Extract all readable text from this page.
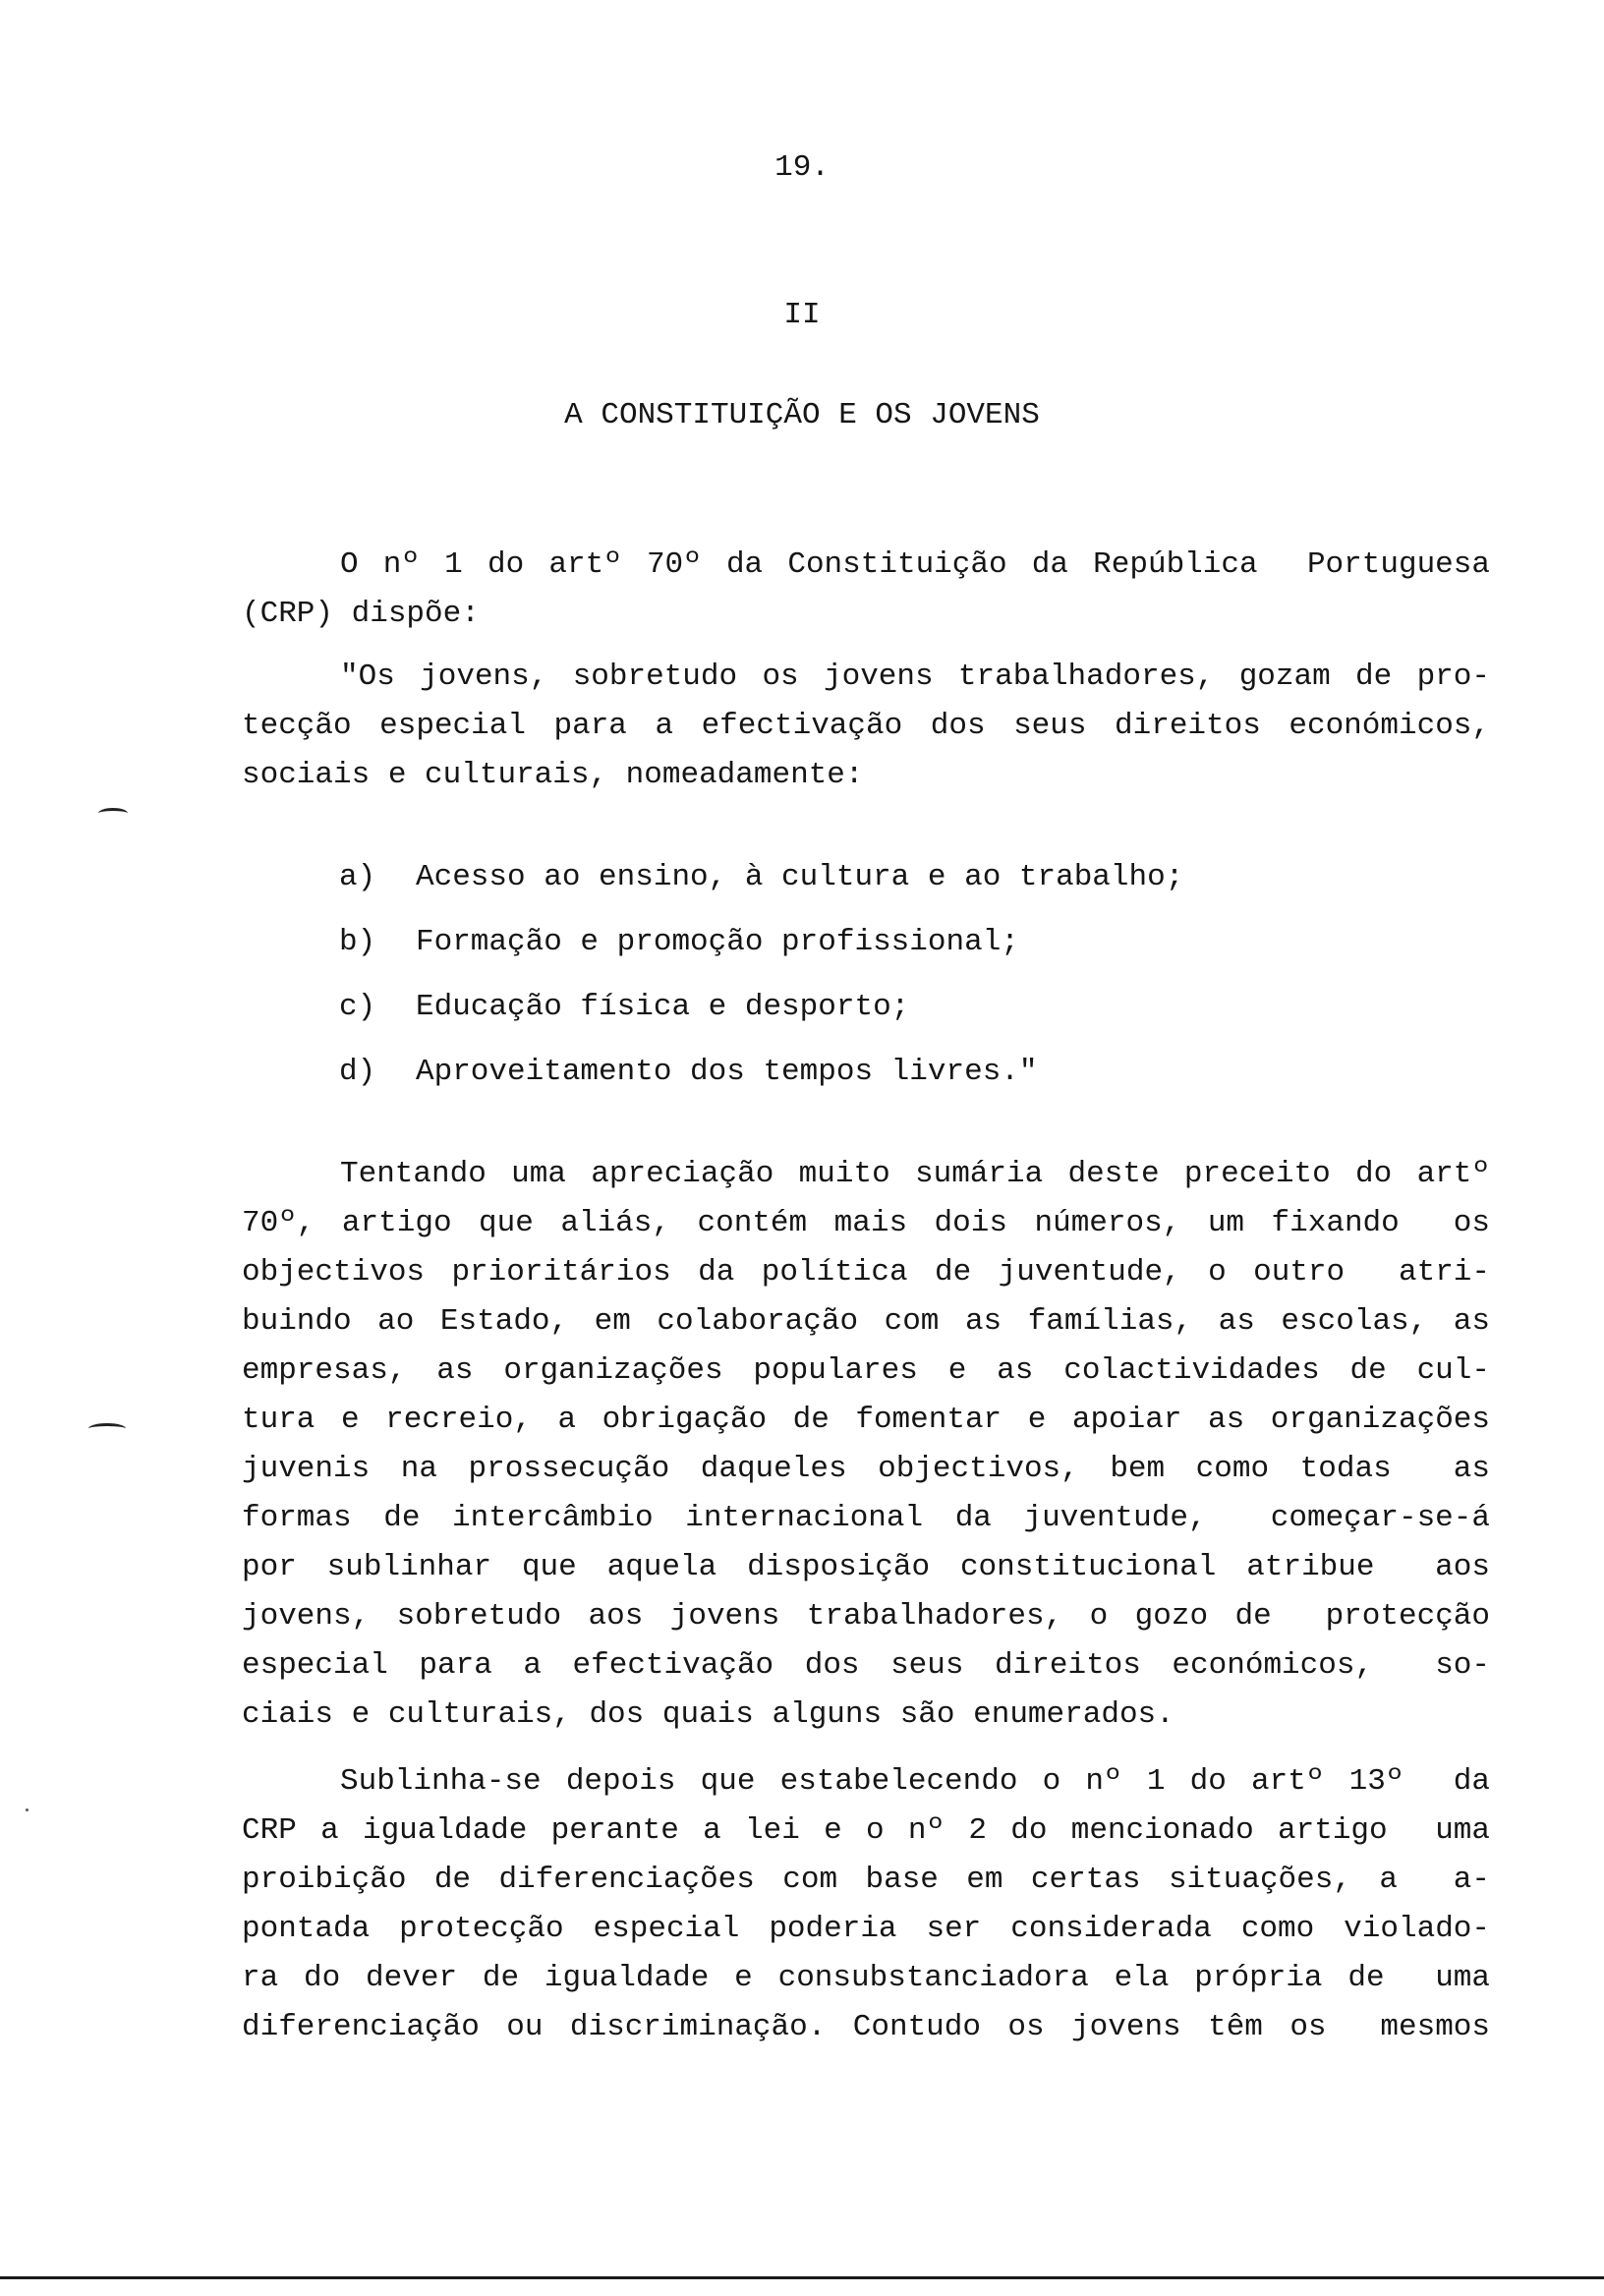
19.
II
A CONSTITUIÇÃO E OS JOVENS
O nº 1 do artº 70º da Constituição da República  Portuguesa
(CRP) dispõe:
"Os jovens, sobretudo os jovens trabalhadores, gozam de pro-
tecção especial para a efectivação dos seus direitos económicos,
sociais e culturais, nomeadamente:
a) Acesso ao ensino, à cultura e ao trabalho;
b) Formação e promoção profissional;
c) Educação física e desporto;
d) Aproveitamento dos tempos livres."
Tentando uma apreciação muito sumária deste preceito do artº
70º, artigo que aliás, contém mais dois números, um fixando  os
objectivos prioritários da política de juventude, o outro  atri-
buindo ao Estado, em colaboração com as famílias, as escolas, as
empresas, as organizações populares e as colactividades de cul-
tura e recreio, a obrigação de fomentar e apoiar as organizações
juvenis na prossecução daqueles objectivos, bem como todas  as
formas de intercâmbio internacional da juventude,  começar-se-á
por sublinhar que aquela disposição constitucional atribue  aos
jovens, sobretudo aos jovens trabalhadores, o gozo de  protecção
especial para a efectivação dos seus direitos económicos,  so-
ciais e culturais, dos quais alguns são enumerados.
Sublinha-se depois que estabelecendo o nº 1 do artº 13º  da
CRP a igualdade perante a lei e o nº 2 do mencionado artigo  uma
proibição de diferenciações com base em certas situações, a  a-
pontada protecção especial poderia ser considerada como violado-
ra do dever de igualdade e consubstanciadora ela própria de  uma
diferenciação ou discriminação. Contudo os jovens têm os  mesmos
